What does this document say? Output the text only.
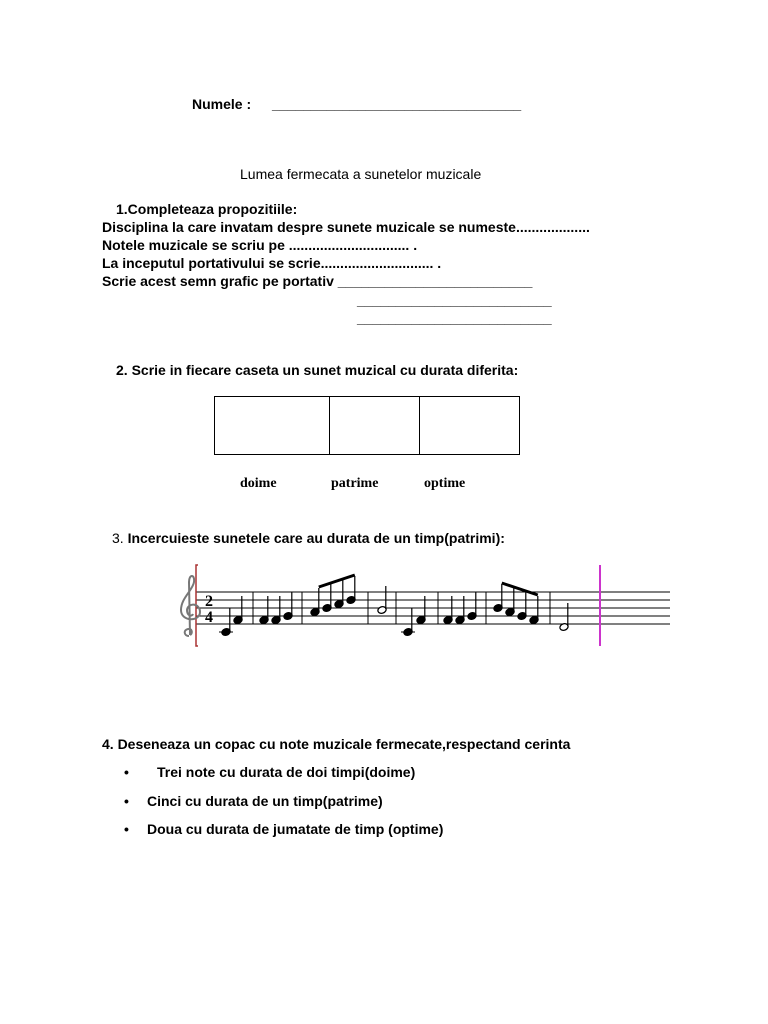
Numele : ________________________________
Lumea fermecata a sunetelor muzicale
1.Completeaza propozitiile:
Disciplina la care invatam despre sunete muzicale se numeste...................
Notele muzicale se scriu pe ............................... .
La inceputul portativului se scrie............................. .
Scrie acest semn grafic pe portativ _________________________
_________________________
_________________________
2. Scrie in fiecare caseta un sunet muzical cu durata diferita:
doime	patrime	optime
3. Incercuieste sunetele care au durata de un timp(patrimi):
2
4
4. Deseneaza un copac cu note muzicale fermecate,respectand cerinta
• Trei note cu durata de doi timpi(doime)
• Cinci cu durata de un timp(patrime)
• Doua cu durata de jumatate de timp (optime)
